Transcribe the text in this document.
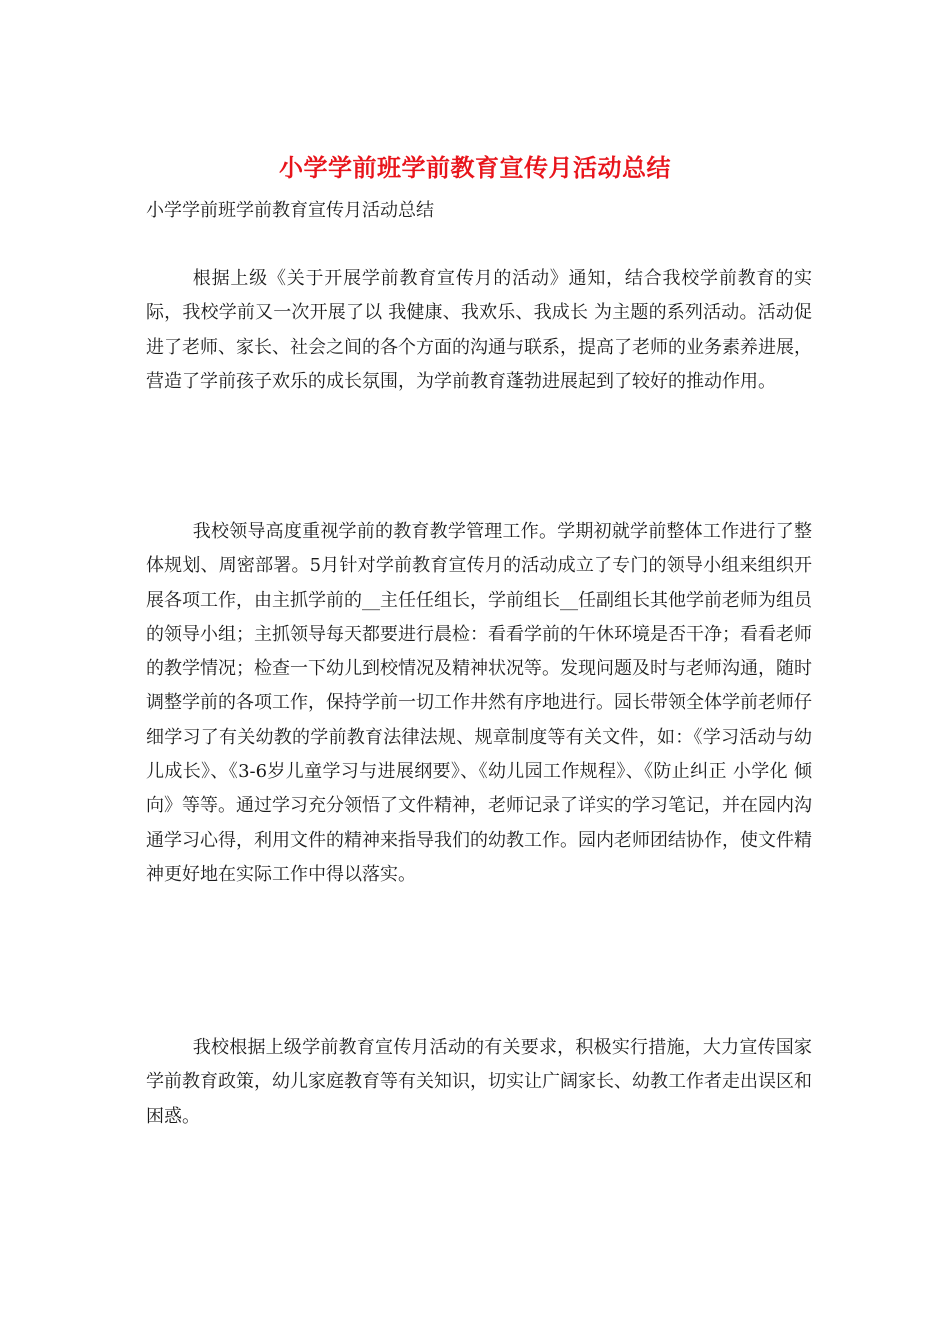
小学学前班学前教育宣传月活动总结

小学学前班学前教育宣传月活动总结

根据上级《关于开展学前教育宣传月的活动》通知，结合我校学前教育的实际，我校学前又一次开展了以 我健康、我欢乐、我成长 为主题的系列活动。活动促进了老师、家长、社会之间的各个方面的沟通与联系，提高了老师的业务素养进展，营造了学前孩子欢乐的成长氛围，为学前教育蓬勃进展起到了较好的推动作用。

我校领导高度重视学前的教育教学管理工作。学期初就学前整体工作进行了整体规划、周密部署。5月针对学前教育宣传月的活动成立了专门的领导小组来组织开展各项工作，由主抓学前的__主任任组长，学前组长__任副组长其他学前老师为组员的领导小组；主抓领导每天都要进行晨检：看看学前的午休环境是否干净；看看老师的教学情况；检查一下幼儿到校情况及精神状况等。发现问题及时与老师沟通，随时调整学前的各项工作，保持学前一切工作井然有序地进行。园长带领全体学前老师仔细学习了有关幼教的学前教育法律法规、规章制度等有关文件，如：《学习活动与幼儿成长》、《3-6岁儿童学习与进展纲要》、《幼儿园工作规程》、《防止纠正 小学化 倾向》等等。通过学习充分领悟了文件精神，老师记录了详实的学习笔记，并在园内沟通学习心得，利用文件的精神来指导我们的幼教工作。园内老师团结协作，使文件精神更好地在实际工作中得以落实。

我校根据上级学前教育宣传月活动的有关要求，积极实行措施，大力宣传国家学前教育政策，幼儿家庭教育等有关知识，切实让广阔家长、幼教工作者走出误区和困惑。
